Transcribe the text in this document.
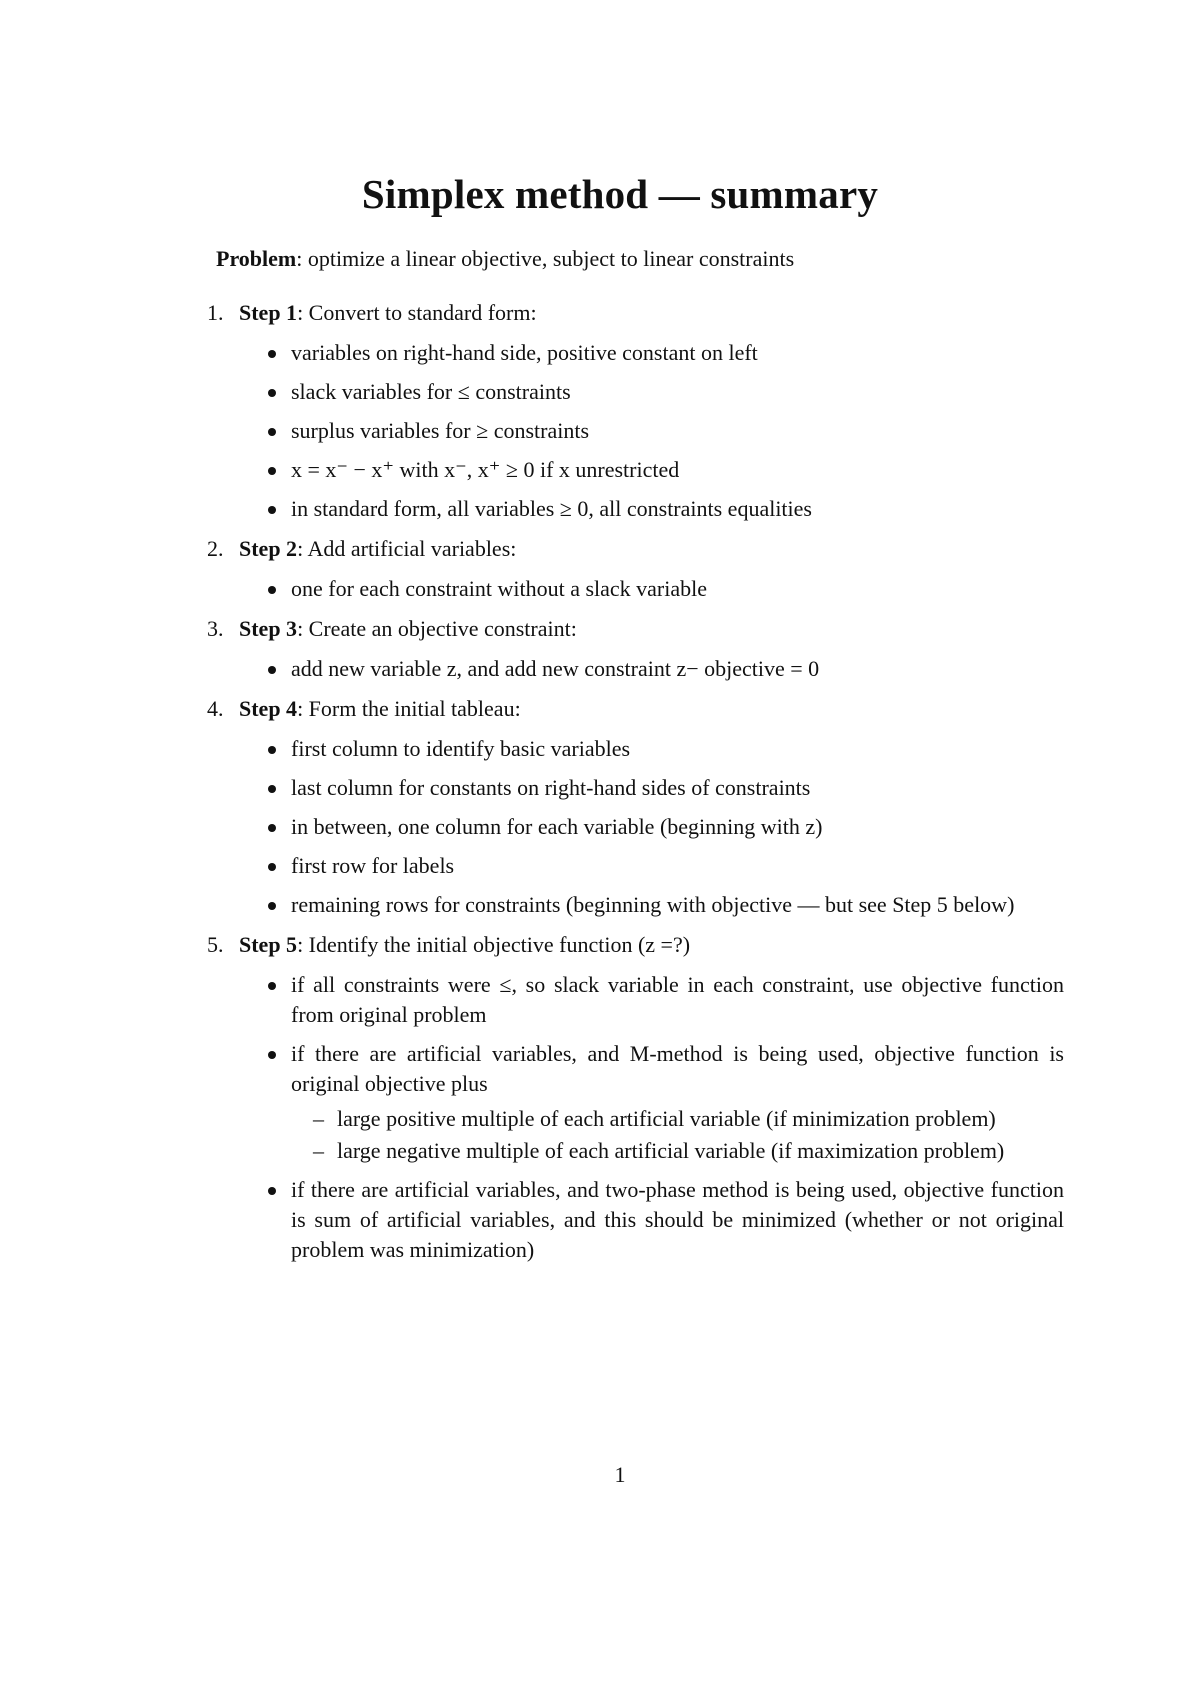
Simplex method — summary
Problem: optimize a linear objective, subject to linear constraints
1. Step 1: Convert to standard form:
variables on right-hand side, positive constant on left
slack variables for ≤ constraints
surplus variables for ≥ constraints
x = x⁻ − x⁺ with x⁻, x⁺ ≥ 0 if x unrestricted
in standard form, all variables ≥ 0, all constraints equalities
2. Step 2: Add artificial variables:
one for each constraint without a slack variable
3. Step 3: Create an objective constraint:
add new variable z, and add new constraint z− objective = 0
4. Step 4: Form the initial tableau:
first column to identify basic variables
last column for constants on right-hand sides of constraints
in between, one column for each variable (beginning with z)
first row for labels
remaining rows for constraints (beginning with objective — but see Step 5 below)
5. Step 5: Identify the initial objective function (z =?)
if all constraints were ≤, so slack variable in each constraint, use objective function from original problem
if there are artificial variables, and M-method is being used, objective function is original objective plus
– large positive multiple of each artificial variable (if minimization problem)
– large negative multiple of each artificial variable (if maximization problem)
if there are artificial variables, and two-phase method is being used, objective function is sum of artificial variables, and this should be minimized (whether or not original problem was minimization)
1
